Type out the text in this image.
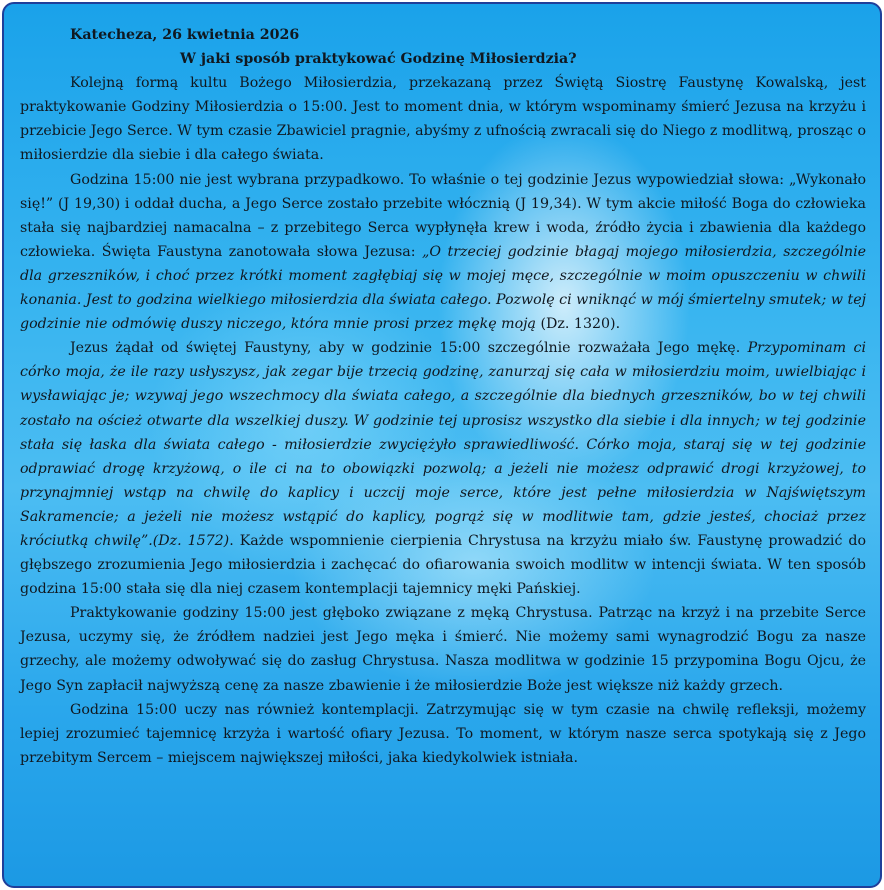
Katecheza, 26 kwietnia 2026
W jaki sposób praktykować Godzinę Miłosierdzia?

Kolejną formą kultu Bożego Miłosierdzia, przekazaną przez Świętą Siostrę Faustynę Kowalską, jest praktykowanie Godziny Miłosierdzia o 15:00. Jest to moment dnia, w którym wspominamy śmierć Jezusa na krzyżu i przebicie Jego Serce. W tym czasie Zbawiciel pragnie, abyśmy z ufnością zwracali się do Niego z modlitwą, prosząc o miłosierdzie dla siebie i dla całego świata.

Godzina 15:00 nie jest wybrana przypadkowo. To właśnie o tej godzinie Jezus wypowiedział słowa: „Wykonało się!” (J 19,30) i oddał ducha, a Jego Serce zostało przebite włócznią (J 19,34). W tym akcie miłość Boga do człowieka stała się najbardziej namacalna – z przebitego Serca wypłynęła krew i woda, źródło życia i zbawienia dla każdego człowieka. Święta Faustyna zanotowała słowa Jezusa: „O trzeciej godzinie błagaj mojego miłosierdzia, szczególnie dla grzeszników, i choć przez krótki moment zagłębiaj się w mojej męce, szczególnie w moim opuszczeniu w chwili konania. Jest to godzina wielkiego miłosierdzia dla świata całego. Pozwolę ci wniknąć w mój śmiertelny smutek; w tej godzinie nie odmówię duszy niczego, która mnie prosi przez mękę moją (Dz. 1320).

Jezus żądał od świętej Faustyny, aby w godzinie 15:00 szczególnie rozważała Jego mękę. Przypominam ci córko moja, że ile razy usłyszysz, jak zegar bije trzecią godzinę, zanurzaj się cała w miłosierdziu moim, uwielbiając i wysławiając je; wzywaj jego wszechmocy dla świata całego, a szczególnie dla biednych grzeszników, bo w tej chwili zostało na oścież otwarte dla wszelkiej duszy. W godzinie tej uprosisz wszystko dla siebie i dla innych; w tej godzinie stała się łaska dla świata całego - miłosierdzie zwyciężyło sprawiedliwość. Córko moja, staraj się w tej godzinie odprawiać drogę krzyżową, o ile ci na to obowiązki pozwolą; a jeżeli nie możesz odprawić drogi krzyżowej, to przynajmniej wstąp na chwilę do kaplicy i uczcij moje serce, które jest pełne miłosierdzia w Najświętszym Sakramencie; a jeżeli nie możesz wstąpić do kaplicy, pogrąż się w modlitwie tam, gdzie jesteś, chociaż przez króciutką chwilę”.(Dz. 1572). Każde wspomnienie cierpienia Chrystusa na krzyżu miało św. Faustynę prowadzić do głębszego zrozumienia Jego miłosierdzia i zachęcać do ofiarowania swoich modlitw w intencji świata. W ten sposób godzina 15:00 stała się dla niej czasem kontemplacji tajemnicy męki Pańskiej.

Praktykowanie godziny 15:00 jest głęboko związane z męką Chrystusa. Patrząc na krzyż i na przebite Serce Jezusa, uczymy się, że źródłem nadziei jest Jego męka i śmierć. Nie możemy sami wynagrodzić Bogu za nasze grzechy, ale możemy odwoływać się do zasług Chrystusa. Nasza modlitwa w godzinie 15 przypomina Bogu Ojcu, że Jego Syn zapłacił najwyższą cenę za nasze zbawienie i że miłosierdzie Boże jest większe niż każdy grzech.

Godzina 15:00 uczy nas również kontemplacji. Zatrzymując się w tym czasie na chwilę refleksji, możemy lepiej zrozumieć tajemnicę krzyża i wartość ofiary Jezusa. To moment, w którym nasze serca spotykają się z Jego przebitym Sercem – miejscem największej miłości, jaka kiedykolwiek istniała.
